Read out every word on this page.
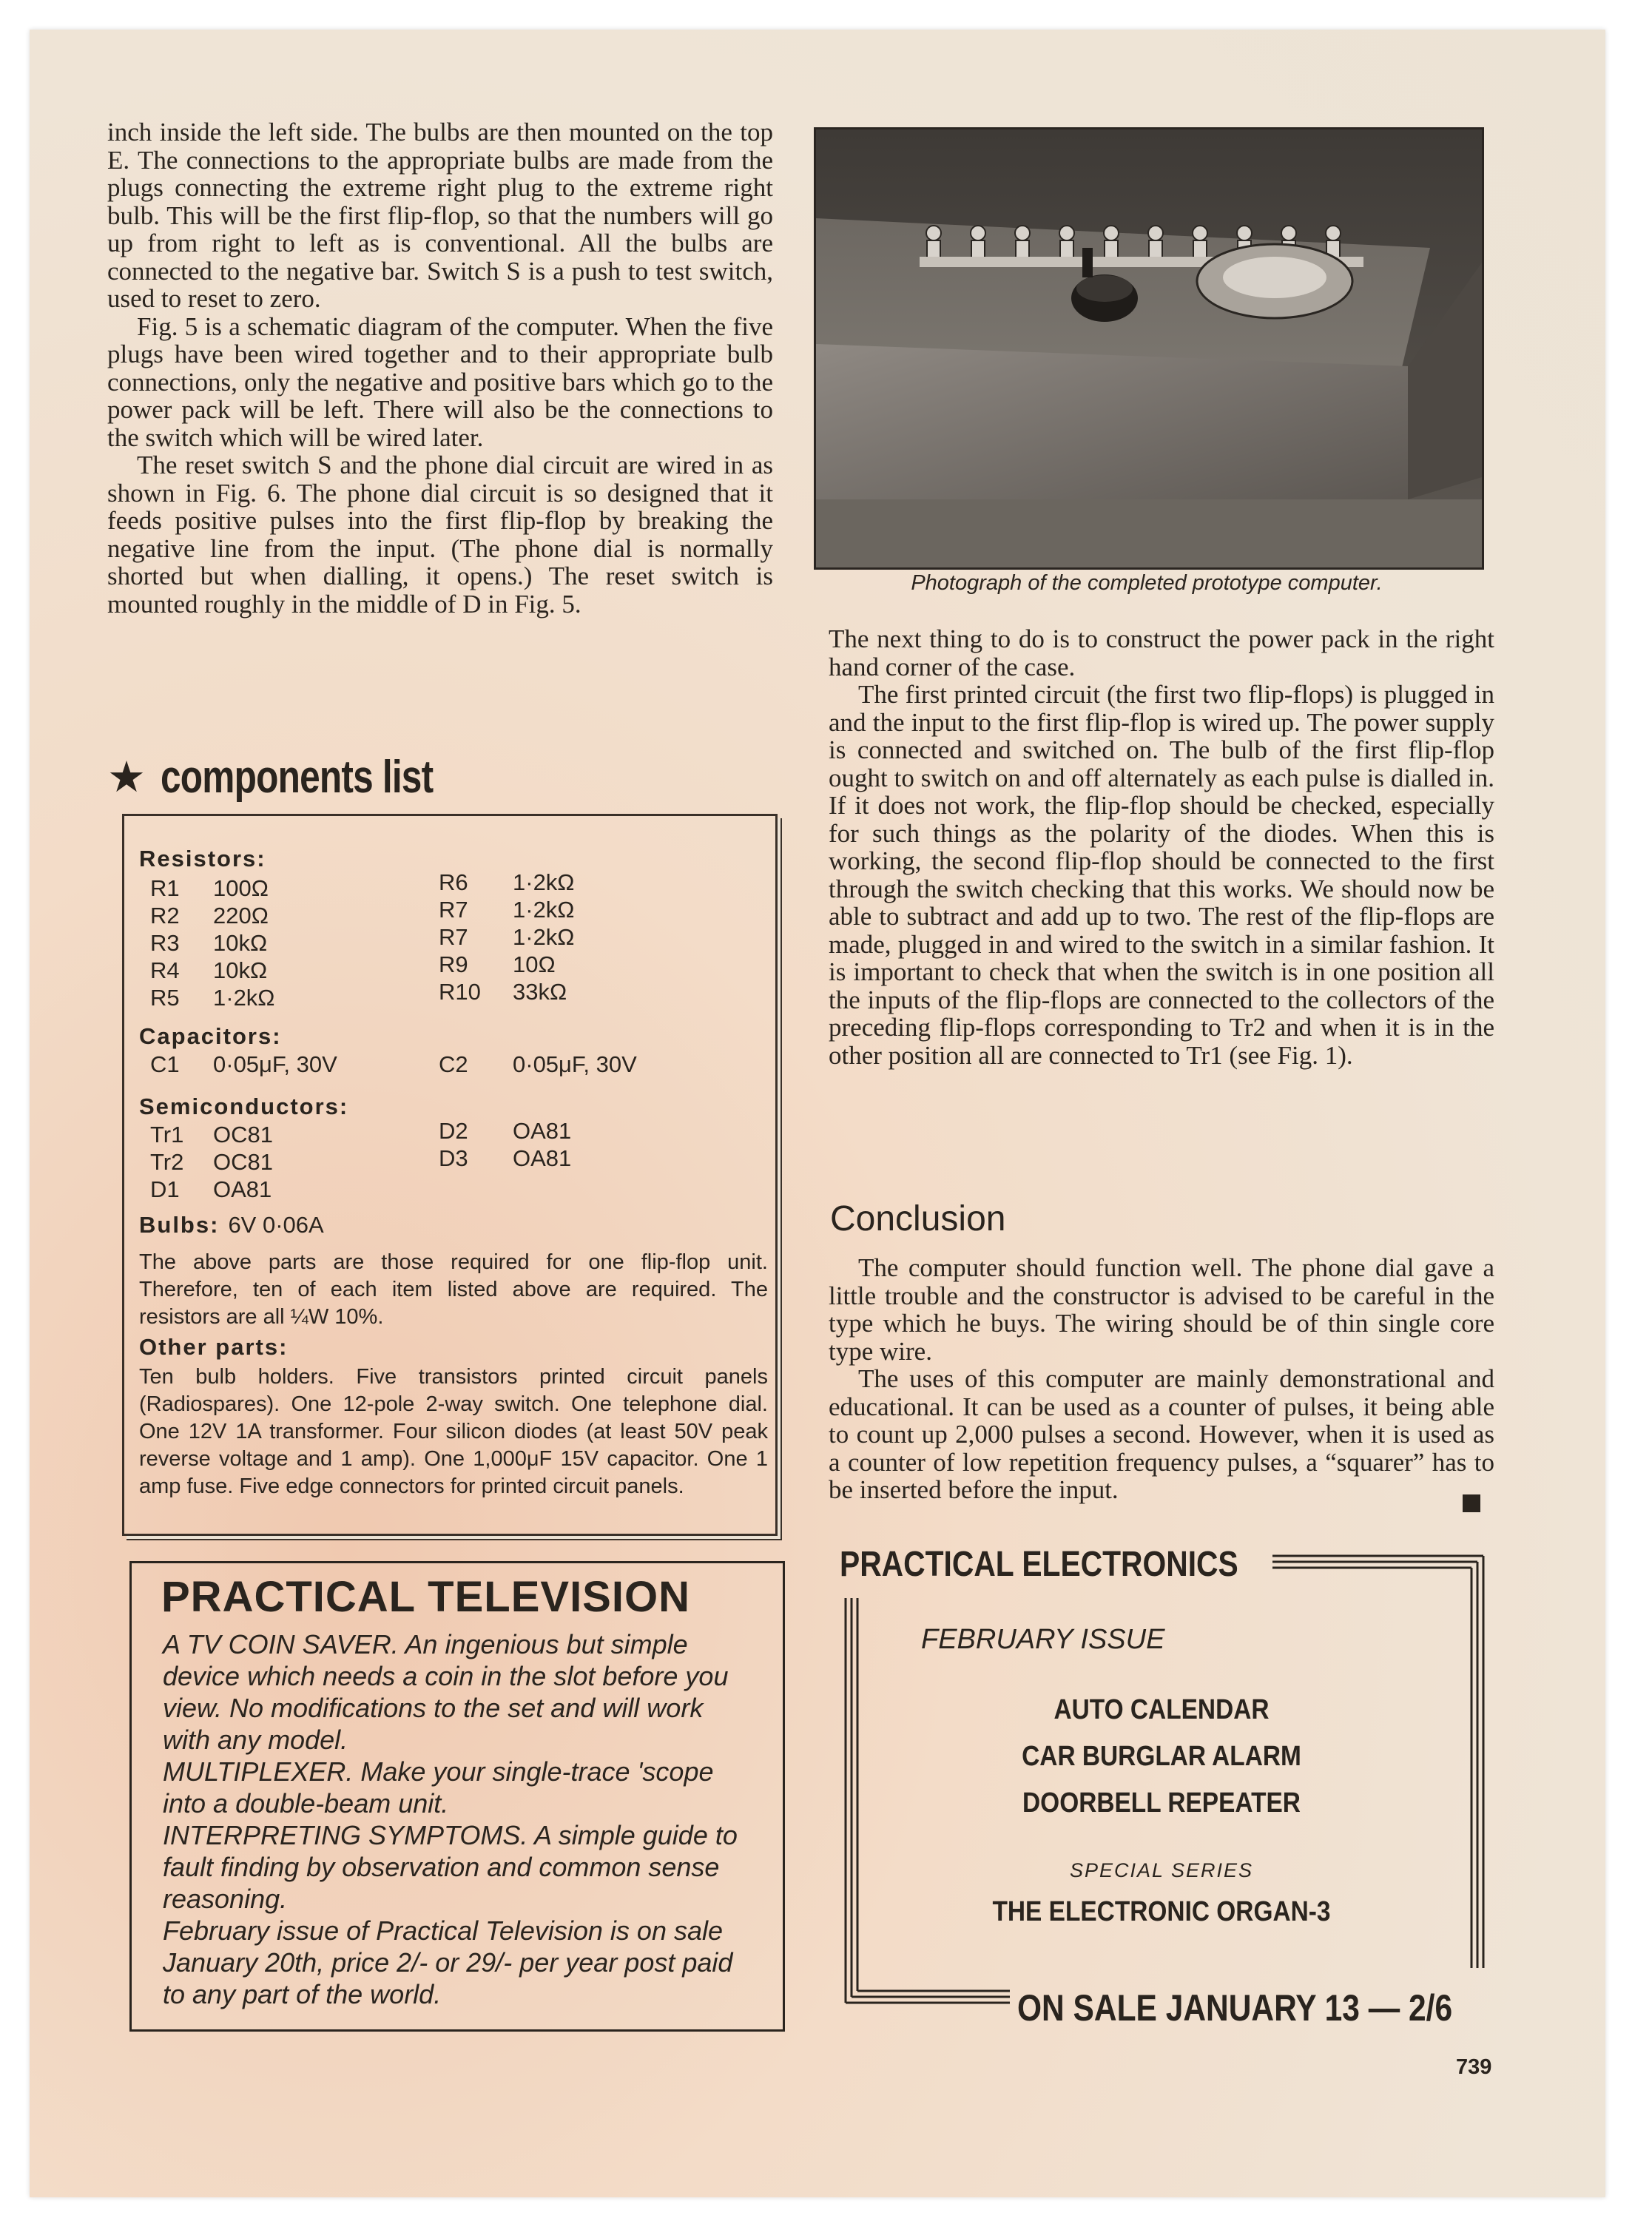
inch inside the left side. The bulbs are then mounted on the top E. The connections to the appropriate bulbs are made from the plugs connecting the extreme right plug to the extreme right bulb. This will be the first flip-flop, so that the numbers will go up from right to left as is conventional. All the bulbs are connected to the negative bar. Switch S is a push to test switch, used to reset to zero.

Fig. 5 is a schematic diagram of the computer. When the five plugs have been wired together and to their appropriate bulb connections, only the negative and positive bars which go to the power pack will be left. There will also be the connections to the switch which will be wired later.

The reset switch S and the phone dial circuit are wired in as shown in Fig. 6. The phone dial circuit is so designed that it feeds positive pulses into the first flip-flop by breaking the negative line from the input. (The phone dial is normally shorted but when dialling, it opens.) The reset switch is mounted roughly in the middle of D in Fig. 5.

★ components list
Resistors:
R1	100Ω
R2	220Ω
R3	10kΩ
R4	10kΩ
R5	1·2kΩ
R6	1·2kΩ
R7	1·2kΩ
R7	1·2kΩ
R9	10Ω
R10	33kΩ
Capacitors:
C1	0·05μF, 30V	C2	0·05μF, 30V
Semiconductors:
Tr1	OC81
Tr2	OC81
D1	OA81
D2	OA81
D3	OA81
Bulbs: 6V 0·06A
The above parts are those required for one flip-flop unit. Therefore, ten of each item listed above are required. The resistors are all ¼W 10%.
Other parts:
Ten bulb holders. Five transistors printed circuit panels (Radiospares). One 12-pole 2-way switch. One telephone dial. One 12V 1A transformer. Four silicon diodes (at least 50V peak reverse voltage and 1 amp). One 1,000μF 15V capacitor. One 1 amp fuse. Five edge connectors for printed circuit panels.
PRACTICAL TELEVISION

A TV COIN SAVER. An ingenious but simple device which needs a coin in the slot before you view. No modifications to the set and will work with any model.

MULTIPLEXER. Make your single-trace 'scope into a double-beam unit.

INTERPRETING SYMPTOMS. A simple guide to fault finding by observation and common sense reasoning.

February issue of Practical Television is on sale January 20th, price 2/- or 29/- per year post paid to any part of the world.

Photograph of the completed prototype computer.

The next thing to do is to construct the power pack in the right hand corner of the case.

The first printed circuit (the first two flip-flops) is plugged in and the input to the first flip-flop is wired up. The power supply is connected and switched on. The bulb of the first flip-flop ought to switch on and off alternately as each pulse is dialled in. If it does not work, the flip-flop should be checked, especially for such things as the polarity of the diodes. When this is working, the second flip-flop should be connected to the first through the switch checking that this works. We should now be able to subtract and add up to two. The rest of the flip-flops are made, plugged in and wired to the switch in a similar fashion. It is important to check that when the switch is in one position all the inputs of the flip-flops are connected to the collectors of the preceding flip-flops corresponding to Tr2 and when it is in the other position all are connected to Tr1 (see Fig. 1).

Conclusion

The computer should function well. The phone dial gave a little trouble and the constructor is advised to be careful in the type which he buys. The wiring should be of thin single core type wire.

The uses of this computer are mainly demonstrational and educational. It can be used as a counter of pulses, it being able to count up 2,000 pulses a second. However, when it is used as a counter of low repetition frequency pulses, a “squarer” has to be inserted before the input.

PRACTICAL ELECTRONICS
FEBRUARY ISSUE
AUTO CALENDAR
CAR BURGLAR ALARM
DOORBELL REPEATER
SPECIAL SERIES
THE ELECTRONIC ORGAN-3
ON SALE JANUARY 13 — 2/6
739
